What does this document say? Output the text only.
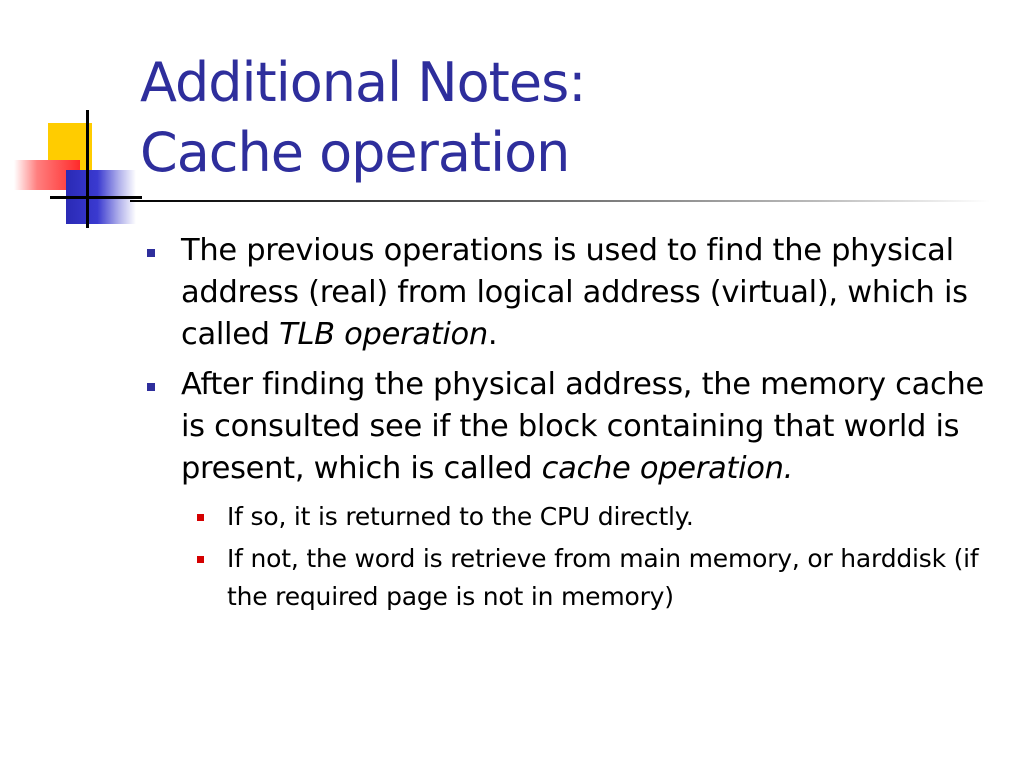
Additional Notes:
Cache operation
The previous operations is used to find the physical address (real) from logical address (virtual), which is called TLB operation.
After finding the physical address, the memory cache is consulted see if the block containing that world is present, which is called cache operation.
If so, it is returned to the CPU directly.
If not, the word is retrieve from main memory, or harddisk (if the required page is not in memory)
